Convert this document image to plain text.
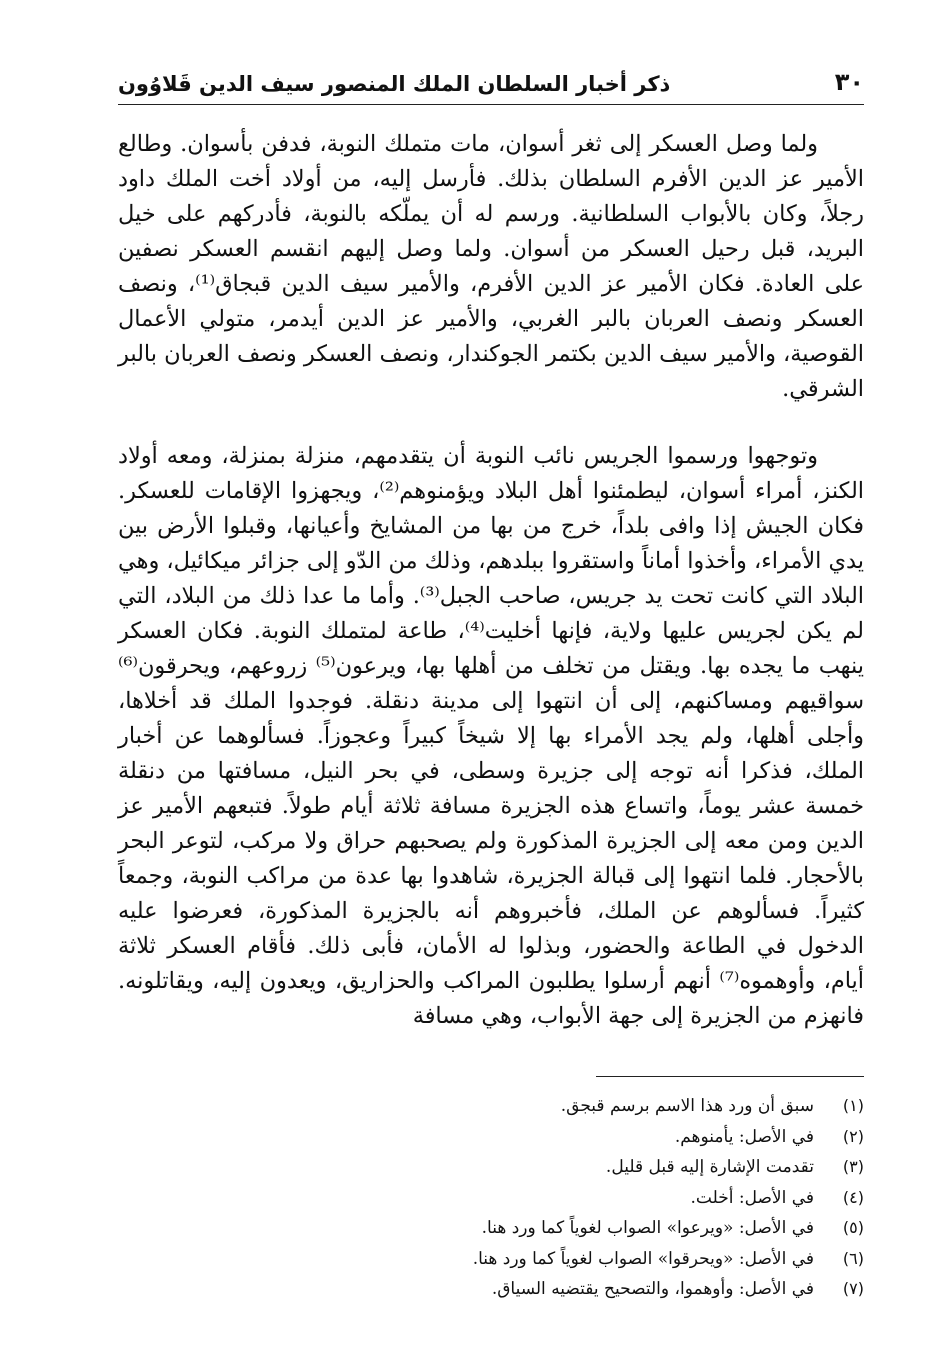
٣٠
ذكر أخبار السلطان الملك المنصور سيف الدين قَلاوُون

ولما وصل العسكر إلى ثغر أسوان، مات متملك النوبة، فدفن بأسوان. وطالع الأمير عز الدين الأفرم السلطان بذلك. فأرسل إليه، من أولاد أخت الملك داود رجلاً، وكان بالأبواب السلطانية. ورسم له أن يملّكه بالنوبة، فأدركهم على خيل البريد، قبل رحيل العسكر من أسوان. ولما وصل إليهم انقسم العسكر نصفين على العادة. فكان الأمير عز الدين الأفرم، والأمير سيف الدين قبجاق⁽¹⁾، ونصف العسكر ونصف العربان بالبر الغربي، والأمير عز الدين أيدمر، متولي الأعمال القوصية، والأمير سيف الدين بكتمر الجوكندار، ونصف العسكر ونصف العربان بالبر الشرقي.

وتوجهوا ورسموا الجريس نائب النوبة أن يتقدمهم، منزلة بمنزلة، ومعه أولاد الكنز، أمراء أسوان، ليطمئنوا أهل البلاد ويؤمنوهم⁽²⁾، ويجهزوا الإقامات للعسكر. فكان الجيش إذا وافى بلداً، خرج من بها من المشايخ وأعيانها، وقبلوا الأرض بين يدي الأمراء، وأخذوا أماناً واستقروا ببلدهم، وذلك من الدّو إلى جزائر ميكائيل، وهي البلاد التي كانت تحت يد جريس، صاحب الجبل⁽³⁾. وأما ما عدا ذلك من البلاد، التي لم يكن لجريس عليها ولاية، فإنها أخليت⁽⁴⁾، طاعة لمتملك النوبة. فكان العسكر ينهب ما يجده بها. ويقتل من تخلف من أهلها بها، ويرعون⁽⁵⁾ زروعهم، ويحرقون⁽⁶⁾ سواقيهم ومساكنهم، إلى أن انتهوا إلى مدينة دنقلة. فوجدوا الملك قد أخلاها، وأجلى أهلها، ولم يجد الأمراء بها إلا شيخاً كبيراً وعجوزاً. فسألوهما عن أخبار الملك، فذكرا أنه توجه إلى جزيرة وسطى، في بحر النيل، مسافتها من دنقلة خمسة عشر يوماً، واتساع هذه الجزيرة مسافة ثلاثة أيام طولاً. فتبعهم الأمير عز الدين ومن معه إلى الجزيرة المذكورة ولم يصحبهم حراق ولا مركب، لتوعر البحر بالأحجار. فلما انتهوا إلى قبالة الجزيرة، شاهدوا بها عدة من مراكب النوبة، وجمعاً كثيراً. فسألوهم عن الملك، فأخبروهم أنه بالجزيرة المذكورة، فعرضوا عليه الدخول في الطاعة والحضور، وبذلوا له الأمان، فأبى ذلك. فأقام العسكر ثلاثة أيام، وأوهموه⁽⁷⁾ أنهم أرسلوا يطلبون المراكب والحزاريق، ويعدون إليه، ويقاتلونه. فانهزم من الجزيرة إلى جهة الأبواب، وهي مسافة

(١)
سبق أن ورد هذا الاسم برسم قبجق.
(٢)
في الأصل: يأمنوهم.
(٣)
تقدمت الإشارة إليه قبل قليل.
(٤)
في الأصل: أخلت.
(٥)
في الأصل: «ويرعوا» الصواب لغوياً كما ورد هنا.
(٦)
في الأصل: «ويحرقوا» الصواب لغوياً كما ورد هنا.
(٧)
في الأصل: وأوهموا، والتصحيح يقتضيه السياق.
